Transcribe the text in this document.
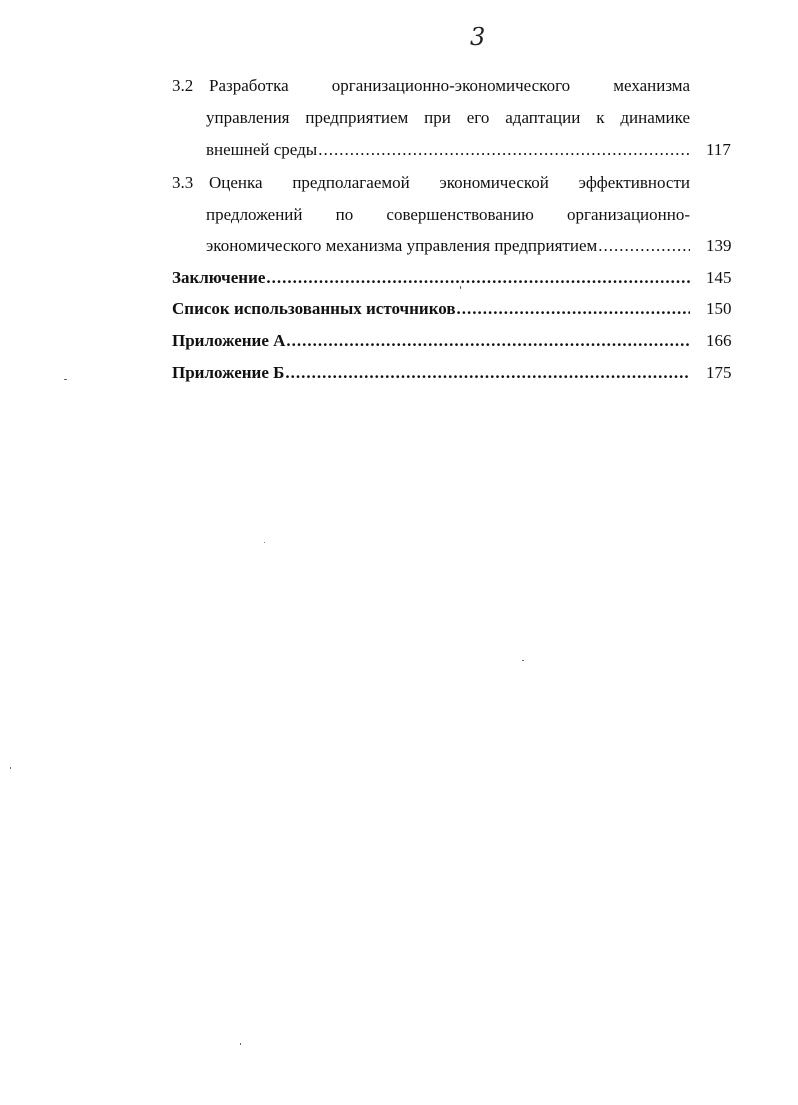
3
3.2 Разработка организационно-экономического механизма
управления предприятием при его адаптации к динамике
внешней среды .....	117
3.3 Оценка предполагаемой экономической эффективности
предложений по совершенствованию организационно-
экономического механизма управления предприятием .....	139
Заключение .....	145
Список использованных источников .....	150
Приложение А .....	166
Приложение Б .....	175
